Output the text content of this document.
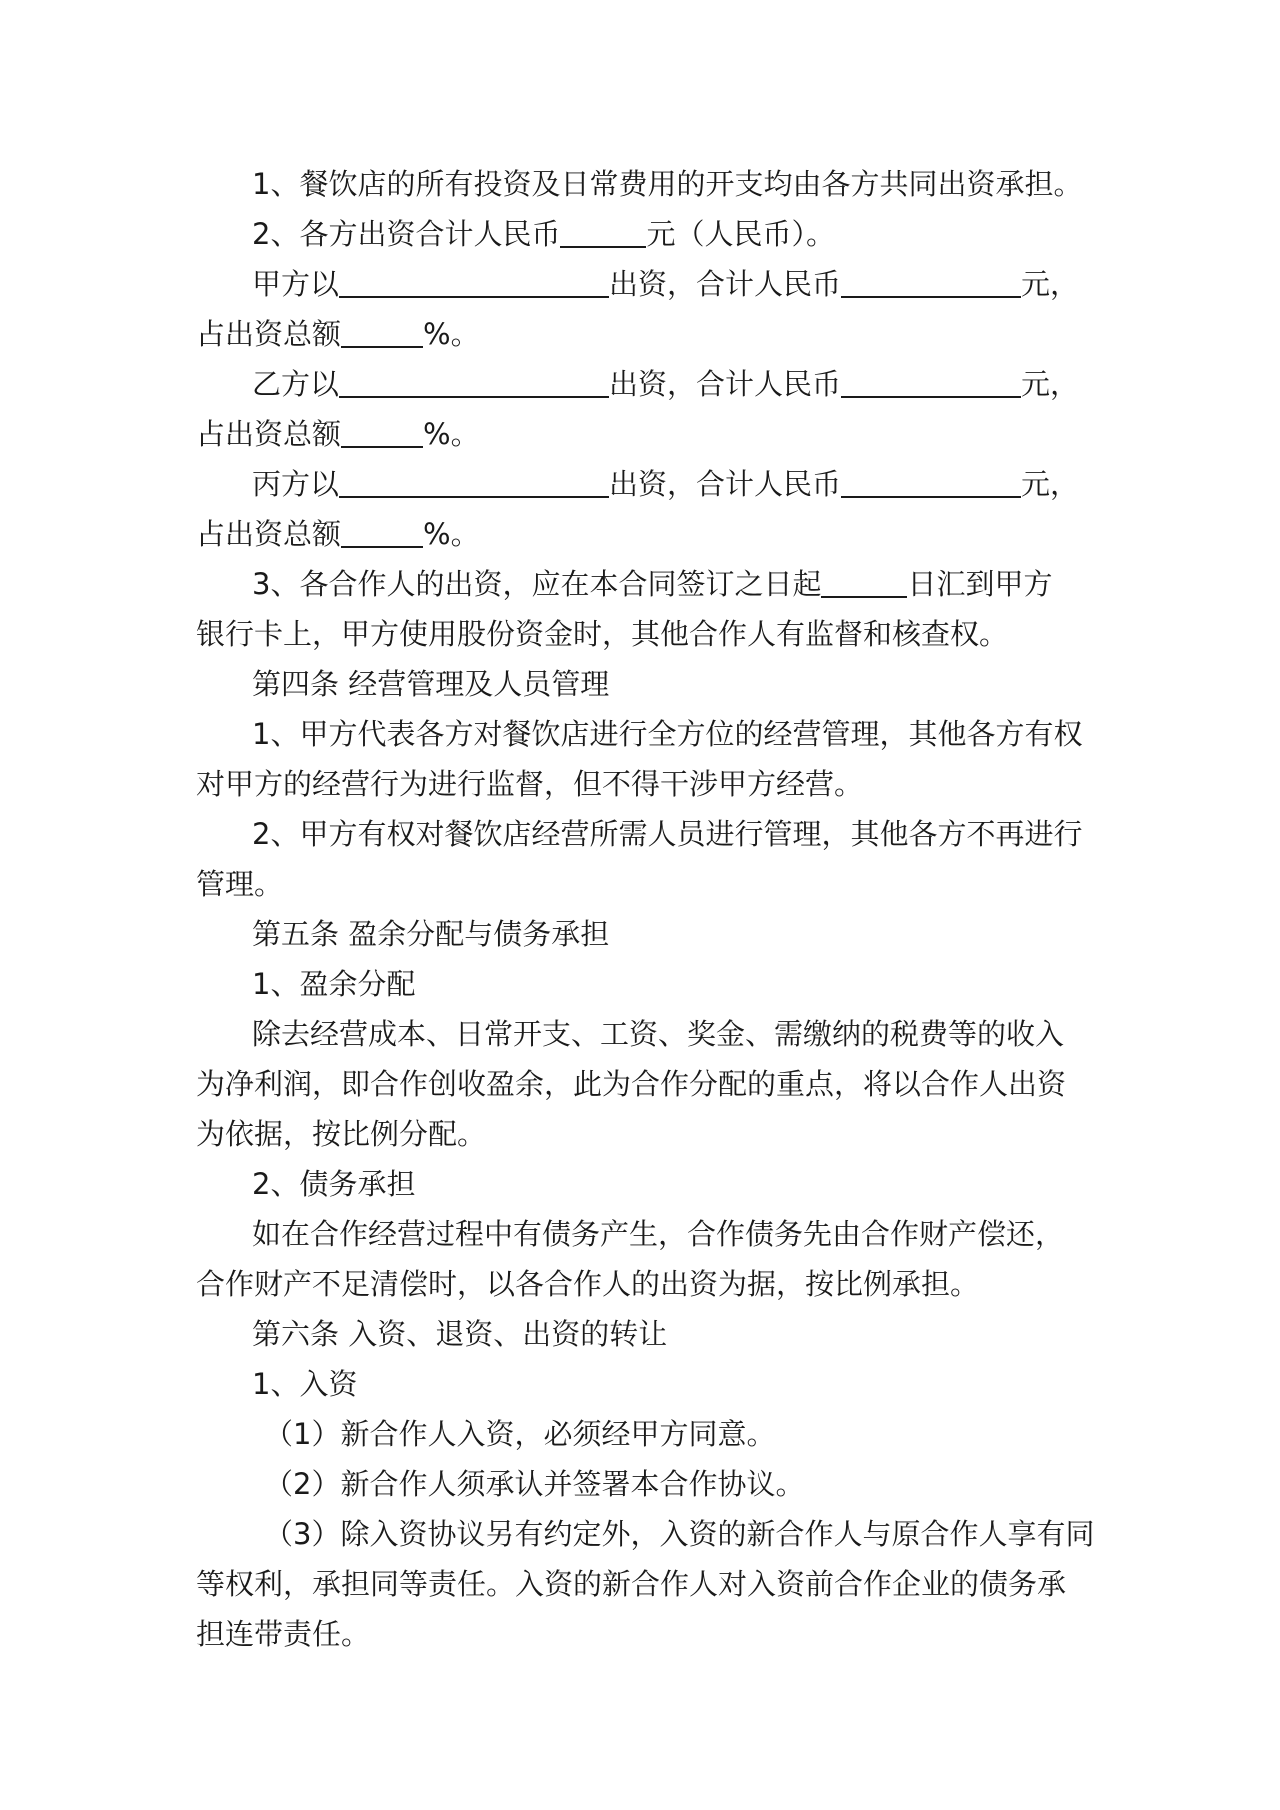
1、餐饮店的所有投资及日常费用的开支均由各方共同出资承担。

2、各方出资合计人民币	元（人民币）。

甲方以	出资，合计人民币	元，

占出资总额	%。

乙方以	出资，合计人民币	元，

占出资总额	%。

丙方以	出资，合计人民币	元，

占出资总额	%。

3、各合作人的出资，应在本合同签订之日起	日汇到甲方

银行卡上，甲方使用股份资金时，其他合作人有监督和核查权。

第四条 经营管理及人员管理

1、甲方代表各方对餐饮店进行全方位的经营管理，其他各方有权

对甲方的经营行为进行监督，但不得干涉甲方经营。

2、甲方有权对餐饮店经营所需人员进行管理，其他各方不再进行

管理。

第五条 盈余分配与债务承担

1、盈余分配

除去经营成本、日常开支、工资、奖金、需缴纳的税费等的收入

为净利润，即合作创收盈余，此为合作分配的重点，将以合作人出资

为依据，按比例分配。

2、债务承担

如在合作经营过程中有债务产生，合作债务先由合作财产偿还，

合作财产不足清偿时，以各合作人的出资为据，按比例承担。

第六条 入资、退资、出资的转让

1、入资

（1）新合作人入资，必须经甲方同意。

（2）新合作人须承认并签署本合作协议。

（3）除入资协议另有约定外，入资的新合作人与原合作人享有同

等权利，承担同等责任。入资的新合作人对入资前合作企业的债务承

担连带责任。
